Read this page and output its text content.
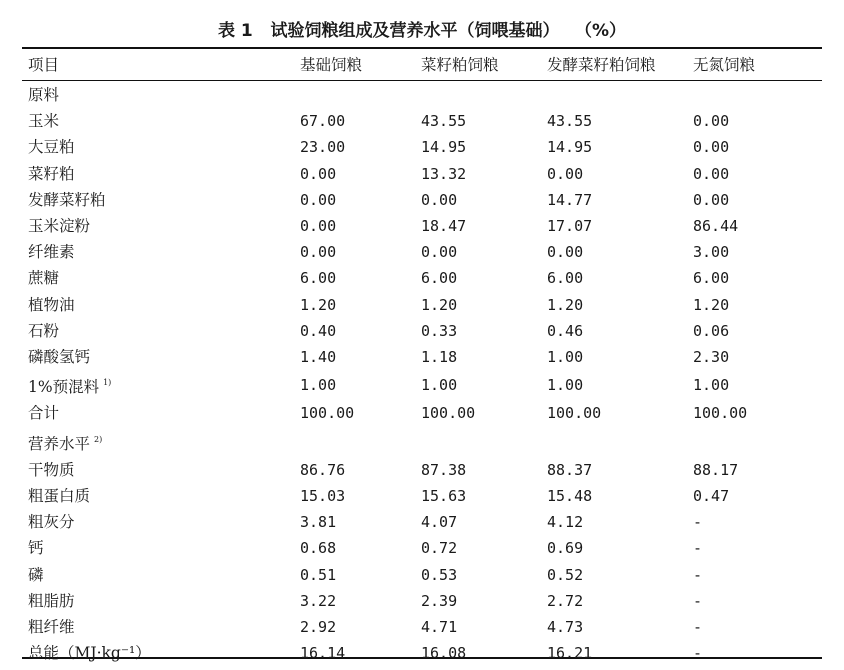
表 1   试验饲粮组成及营养水平（饲喂基础） （%）
项目	基础饲粮	菜籽粕饲粮	发酵菜籽粕饲粮	无氮饲粮
原料				
玉米	67.00	43.55	43.55	0.00
大豆粕	23.00	14.95	14.95	0.00
菜籽粕	0.00	13.32	0.00	0.00
发酵菜籽粕	0.00	0.00	14.77	0.00
玉米淀粉	0.00	18.47	17.07	86.44
纤维素	0.00	0.00	0.00	3.00
蔗糖	6.00	6.00	6.00	6.00
植物油	1.20	1.20	1.20	1.20
石粉	0.40	0.33	0.46	0.06
磷酸氢钙	1.40	1.18	1.00	2.30
1%预混料 $^{1)}$	1.00	1.00	1.00	1.00
合计	100.00	100.00	100.00	100.00
营养水平 $^{2)}$				
干物质	86.76	87.38	88.37	88.17
粗蛋白质	15.03	15.63	15.48	0.47
粗灰分	3.81	4.07	4.12	-
钙	0.68	0.72	0.69	-
磷	0.51	0.53	0.52	-
粗脂肪	3.22	2.39	2.72	-
粗纤维	2.92	4.71	4.73	-
总能（MJ·kg⁻¹）	16.14	16.08	16.21	-
